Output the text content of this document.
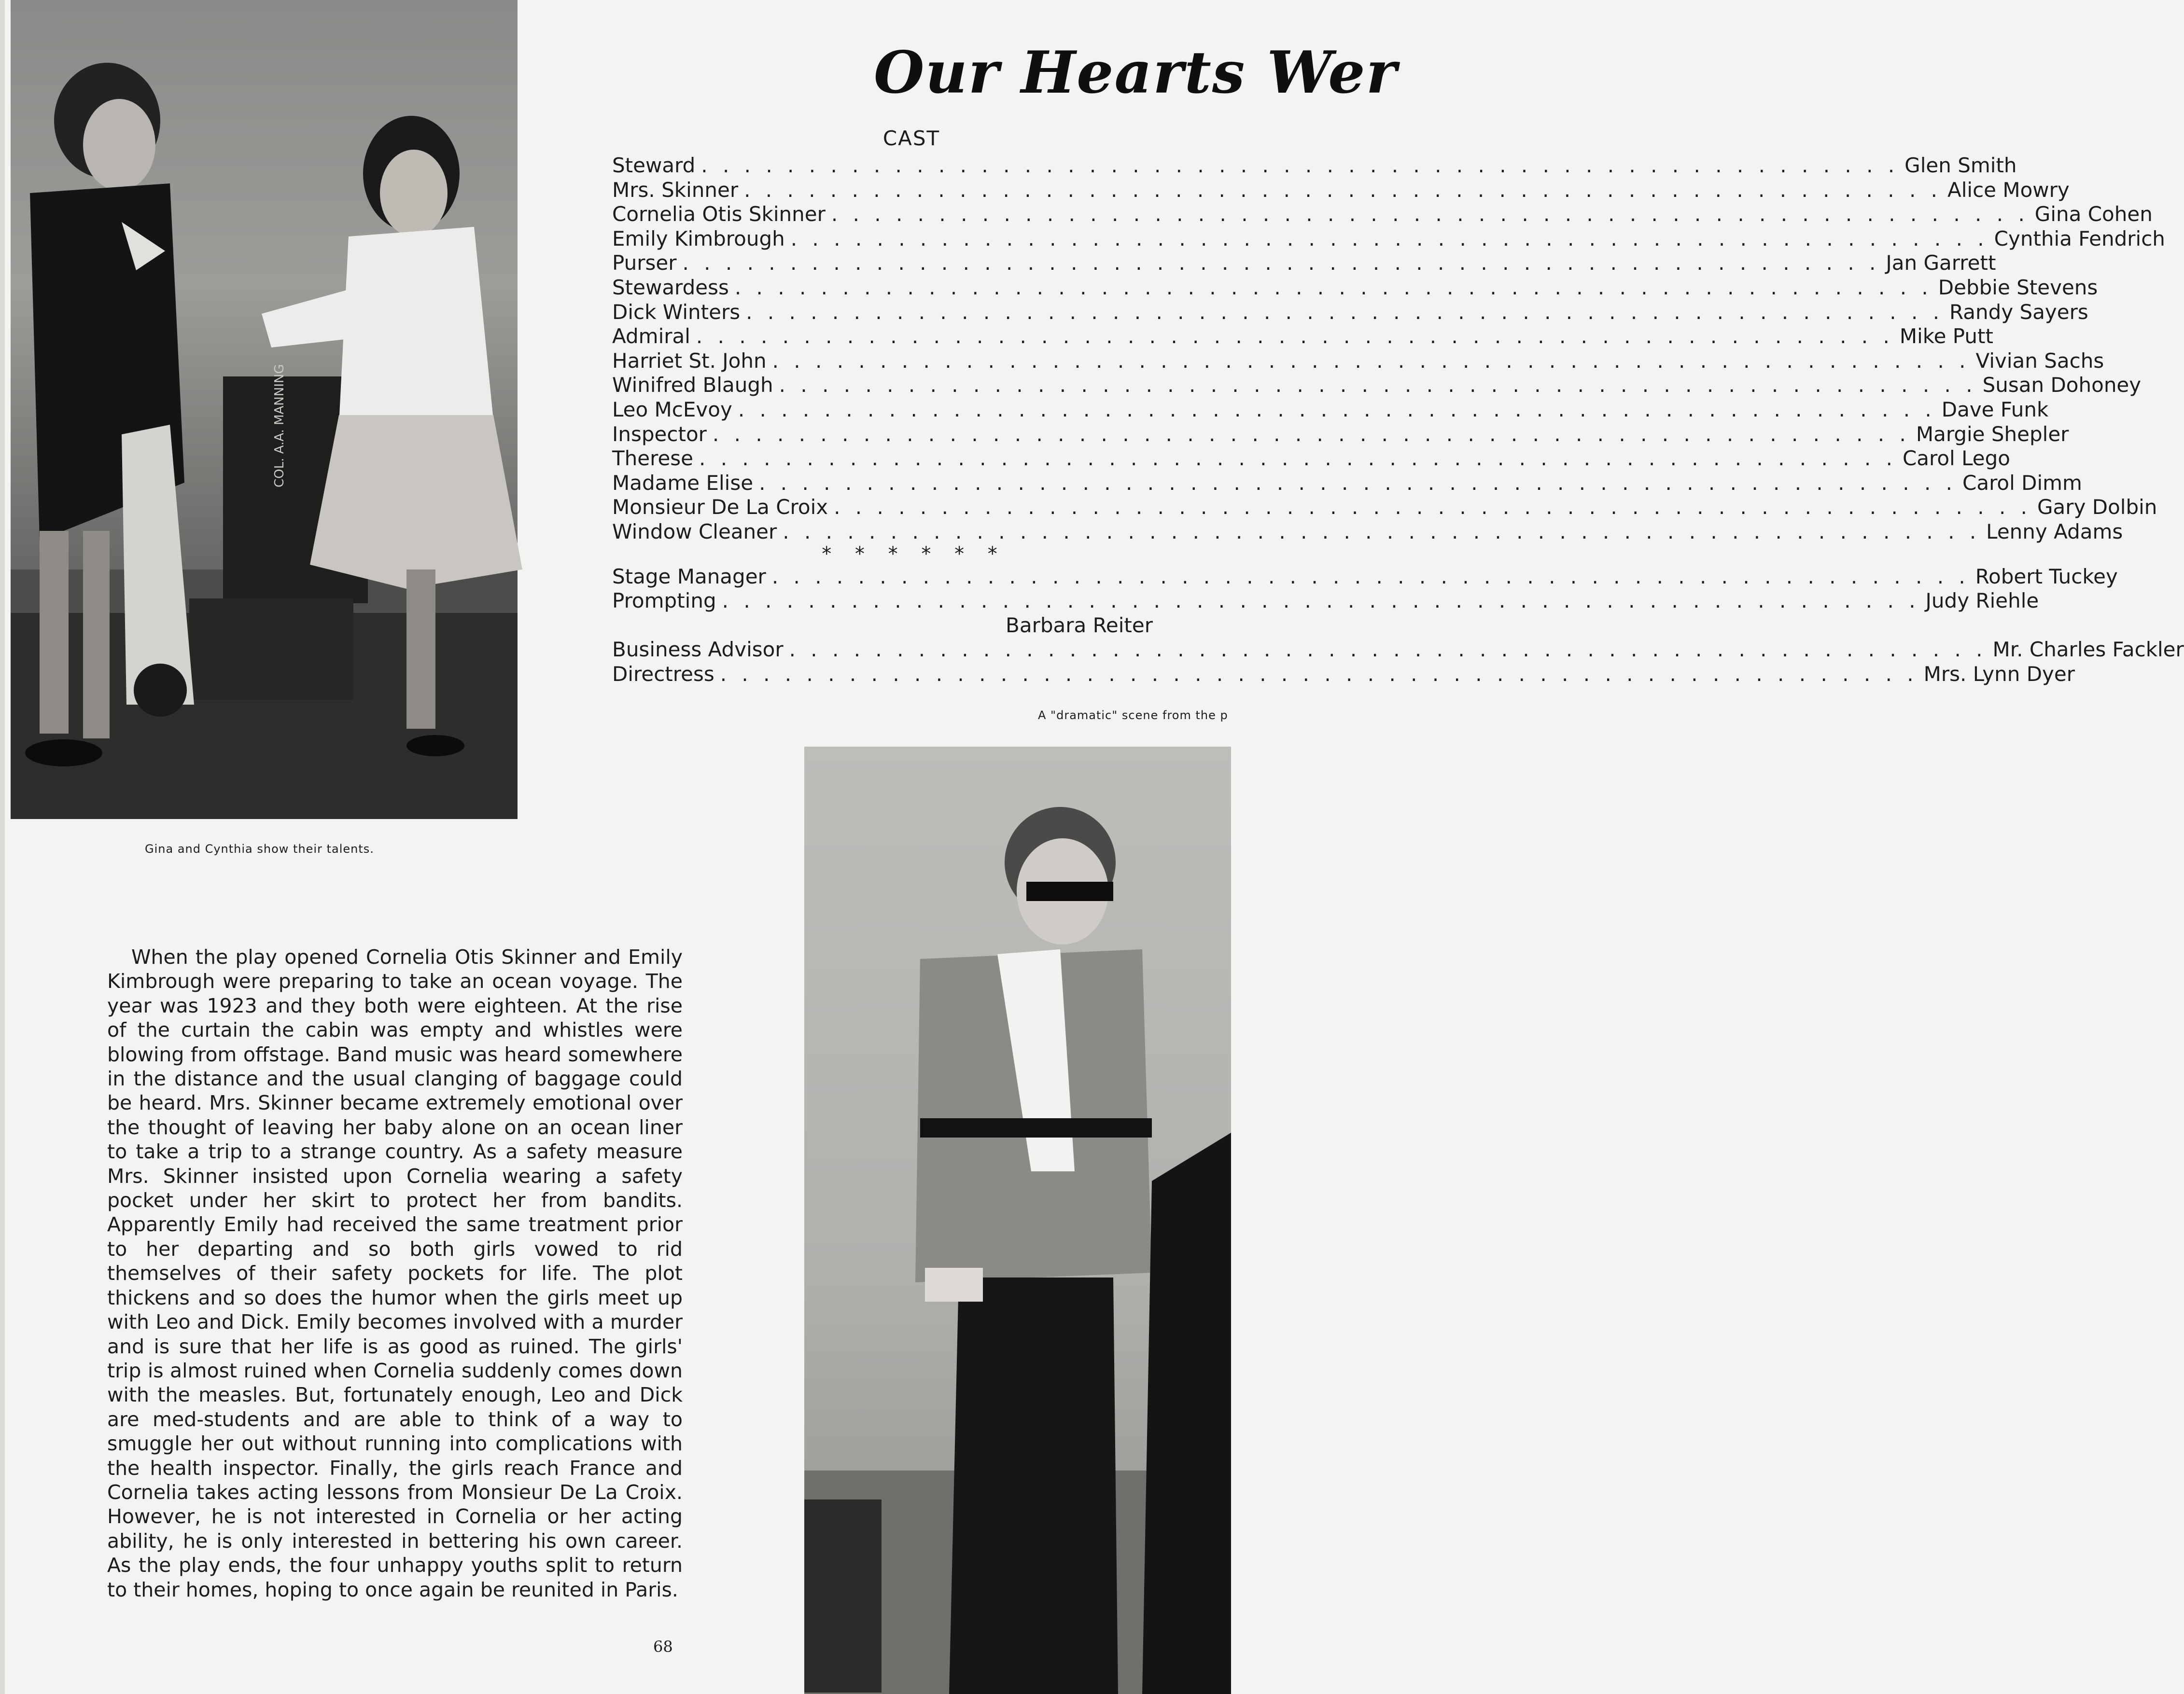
COL. A.A. MANNING
Our Hearts Wer
CAST
Steward . . .	Glen Smith
Mrs. Skinner . . .	Alice Mowry
Cornelia Otis Skinner . . .	Gina Cohen
Emily Kimbrough . . .	Cynthia Fendrich
Purser . . .	Jan Garrett
Stewardess . . .	Debbie Stevens
Dick Winters . . .	Randy Sayers
Admiral . . .	Mike Putt
Harriet St. John . . .	Vivian Sachs
Winifred Blaugh . . .	Susan Dohoney
Leo McEvoy . . .	Dave Funk
Inspector . . .	Margie Shepler
Therese . . .	Carol Lego
Madame Elise . . .	Carol Dimm
Monsieur De La Croix . . .	Gary Dolbin
Window Cleaner . . .	Lenny Adams
* * * * * *
Stage Manager . . .	Robert Tuckey
Prompting . . .	Judy Riehle
Barbara Reiter
Business Advisor . . .	Mr. Charles Fackler
Directress . . .	Mrs. Lynn Dyer
A "dramatic" scene from the p
Gina and Cynthia show their talents.

When the play opened Cornelia Otis Skinner and Emily Kimbrough were preparing to take an ocean voyage. The year was 1923 and they both were eighteen. At the rise of the curtain the cabin was empty and whistles were blowing from offstage. Band music was heard somewhere in the distance and the usual clanging of baggage could be heard. Mrs. Skinner became extremely emotional over the thought of leaving her baby alone on an ocean liner to take a trip to a strange country. As a safety measure Mrs. Skinner insisted upon Cornelia wearing a safety pocket under her skirt to protect her from bandits. Apparently Emily had received the same treatment prior to her departing and so both girls vowed to rid themselves of their safety pockets for life. The plot thickens and so does the humor when the girls meet up with Leo and Dick. Emily becomes involved with a murder and is sure that her life is as good as ruined. The girls' trip is almost ruined when Cornelia suddenly comes down with the measles. But, fortunately enough, Leo and Dick are med-students and are able to think of a way to smuggle her out without running into complications with the health inspector. Finally, the girls reach France and Cornelia takes acting lessons from Monsieur De La Croix. However, he is not interested in Cornelia or her acting ability, he is only interested in bettering his own career. As the play ends, the four unhappy youths split to return to their homes, hoping to once again be reunited in Paris.

68
